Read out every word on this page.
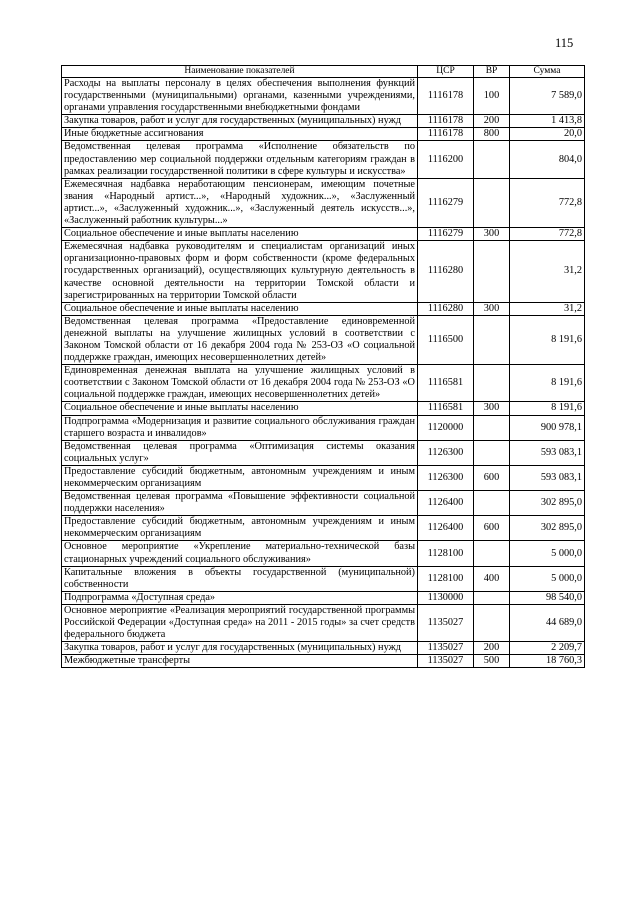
115
Наименование показателей	ЦСР	ВР	Сумма
Расходы на выплаты персоналу в целях обеспечения выполнения функций государственными (муниципальными) органами, казенными учреждениями, органами управления государственными внебюджетными фондами	1116178	100	7 589,0
Закупка товаров, работ и услуг для государственных (муниципальных) нужд	1116178	200	1 413,8
Иные бюджетные ассигнования	1116178	800	20,0
Ведомственная целевая программа «Исполнение обязательств по предоставлению мер социальной поддержки отдельным категориям граждан в рамках реализации государственной политики в сфере культуры и искусства»	1116200		804,0
Ежемесячная надбавка неработающим пенсионерам, имеющим почетные звания «Народный артист...», «Народный художник...», «Заслуженный артист...», «Заслуженный художник...», «Заслуженный деятель искусств...», «Заслуженный работник культуры...»	1116279		772,8
Социальное обеспечение и иные выплаты населению	1116279	300	772,8
Ежемесячная надбавка руководителям и специалистам организаций иных организационно-правовых форм и форм собственности (кроме федеральных государственных организаций), осуществляющих культурную деятельность в качестве основной деятельности на территории Томской области и зарегистрированных на территории Томской области	1116280		31,2
Социальное обеспечение и иные выплаты населению	1116280	300	31,2
Ведомственная целевая программа «Предоставление единовременной денежной выплаты на улучшение жилищных условий в соответствии с Законом Томской области от 16 декабря 2004 года № 253-ОЗ «О социальной поддержке граждан, имеющих несовершеннолетних детей»	1116500		8 191,6
Единовременная денежная выплата на улучшение жилищных условий в соответствии с Законом Томской области от 16 декабря 2004 года № 253-ОЗ «О социальной поддержке граждан, имеющих несовершеннолетних детей»	1116581		8 191,6
Социальное обеспечение и иные выплаты населению	1116581	300	8 191,6
Подпрограмма «Модернизация и развитие социального обслуживания граждан старшего возраста и инвалидов»	1120000		900 978,1
Ведомственная целевая программа «Оптимизация системы оказания социальных услуг»	1126300		593 083,1
Предоставление субсидий бюджетным, автономным учреждениям и иным некоммерческим организациям	1126300	600	593 083,1
Ведомственная целевая программа «Повышение эффективности социальной поддержки населения»	1126400		302 895,0
Предоставление субсидий бюджетным, автономным учреждениям и иным некоммерческим организациям	1126400	600	302 895,0
Основное мероприятие «Укрепление материально-технической базы стационарных учреждений социального обслуживания»	1128100		5 000,0
Капитальные вложения в объекты государственной (муниципальной) собственности	1128100	400	5 000,0
Подпрограмма «Доступная среда»	1130000		98 540,0
Основное мероприятие «Реализация мероприятий государственной программы Российской Федерации «Доступная среда» на 2011 - 2015 годы» за счет средств федерального бюджета	1135027		44 689,0
Закупка товаров, работ и услуг для государственных (муниципальных) нужд	1135027	200	2 209,7
Межбюджетные трансферты	1135027	500	18 760,3
